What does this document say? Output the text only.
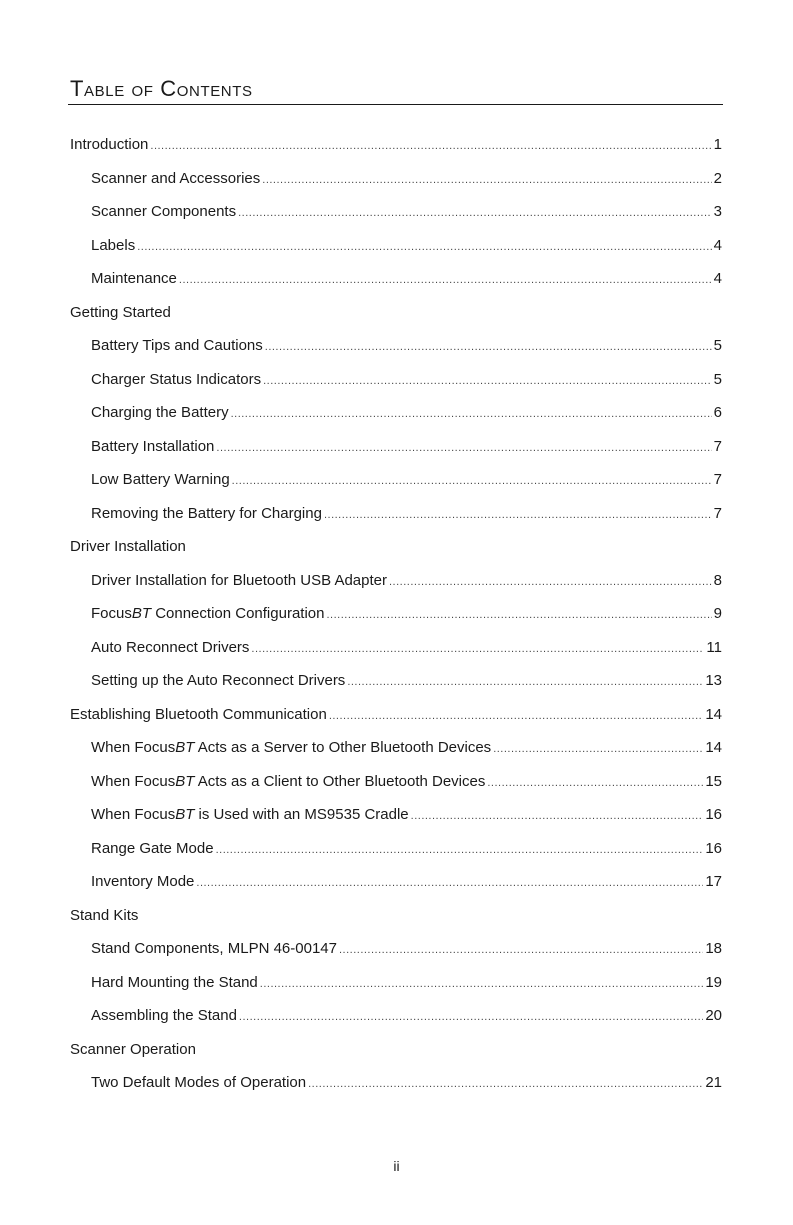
Table of Contents
Introduction .....	1
Scanner and Accessories .....	2
Scanner Components .....	3
Labels .....	4
Maintenance .....	4
Getting Started
Battery Tips and Cautions .....	5
Charger Status Indicators .....	5
Charging the Battery .....	6
Battery Installation .....	7
Low Battery Warning .....	7
Removing the Battery for Charging .....	7
Driver Installation
Driver Installation for Bluetooth USB Adapter .....	8
FocusBT Connection Configuration .....	9
Auto Reconnect Drivers .....	11
Setting up the Auto Reconnect Drivers .....	13
Establishing Bluetooth Communication .....	14
When FocusBT Acts as a Server to Other Bluetooth Devices .....	14
When FocusBT Acts as a Client to Other Bluetooth Devices .....	15
When FocusBT is Used with an MS9535 Cradle .....	16
Range Gate Mode .....	16
Inventory Mode .....	17
Stand Kits
Stand Components, MLPN 46-00147 .....	18
Hard Mounting the Stand .....	19
Assembling the Stand .....	20
Scanner Operation
Two Default Modes of Operation .....	21
ii
